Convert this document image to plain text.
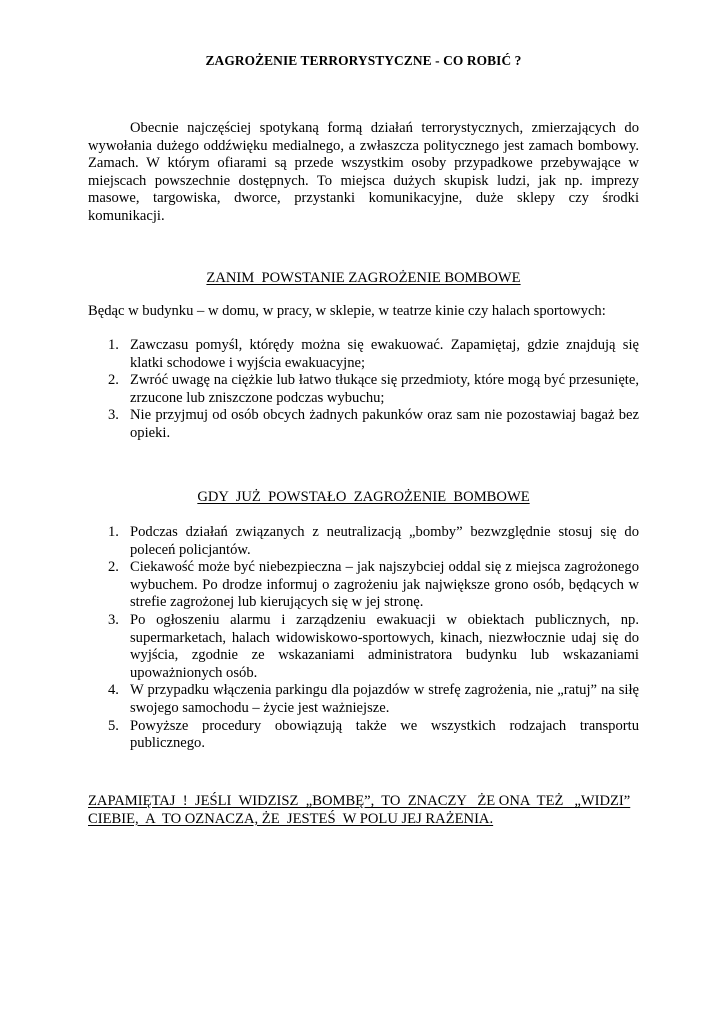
ZAGROŻENIE TERRORYSTYCZNE - CO ROBIĆ ?

Obecnie najczęściej spotykaną formą działań terrorystycznych, zmierzających do wywołania dużego oddźwięku medialnego, a zwłaszcza politycznego jest zamach bombowy. Zamach. W którym ofiarami są przede wszystkim osoby przypadkowe przebywające w miejscach powszechnie dostępnych. To miejsca dużych skupisk ludzi, jak np. imprezy masowe, targowiska, dworce, przystanki komunikacyjne, duże sklepy czy środki komunikacji.

ZANIM  POWSTANIE ZAGROŻENIE BOMBOWE

Będąc w budynku – w domu, w pracy, w sklepie, w teatrze kinie czy halach sportowych:

1. Zawczasu pomyśl, którędy można się ewakuować. Zapamiętaj, gdzie znajdują się klatki schodowe i wyjścia ewakuacyjne;
2. Zwróć uwagę na ciężkie lub łatwo tłukące się przedmioty, które mogą być przesunięte, zrzucone lub zniszczone podczas wybuchu;
3. Nie przyjmuj od osób obcych żadnych pakunków oraz sam nie pozostawiaj bagaż bez opieki.

GDY  JUŻ  POWSTAŁO  ZAGROŻENIE  BOMBOWE

1. Podczas działań związanych z neutralizacją „bomby” bezwzględnie stosuj się do poleceń policjantów.
2. Ciekawość może być niebezpieczna – jak najszybciej oddal się z miejsca zagrożonego wybuchem. Po drodze informuj o zagrożeniu jak największe grono osób, będących w strefie zagrożonej lub kierujących się w jej stronę.
3. Po ogłoszeniu alarmu i zarządzeniu ewakuacji w obiektach publicznych, np. supermarketach, halach widowiskowo-sportowych, kinach, niezwłocznie udaj się do wyjścia, zgodnie ze wskazaniami administratora budynku lub wskazaniami upoważnionych osób.
4. W przypadku włączenia parkingu dla pojazdów w strefę zagrożenia, nie „ratuj” na siłę swojego samochodu – życie jest ważniejsze.
5. Powyższe procedury obowiązują także we wszystkich rodzajach transportu publicznego.

ZAPAMIĘTAJ  !  JEŚLI  WIDZISZ  „BOMBĘ”,  TO  ZNACZY   ŻE ONA  TEŻ   „WIDZI”
CIEBIE,  A  TO OZNACZA, ŻE  JESTEŚ  W POLU JEJ RAŻENIA.
